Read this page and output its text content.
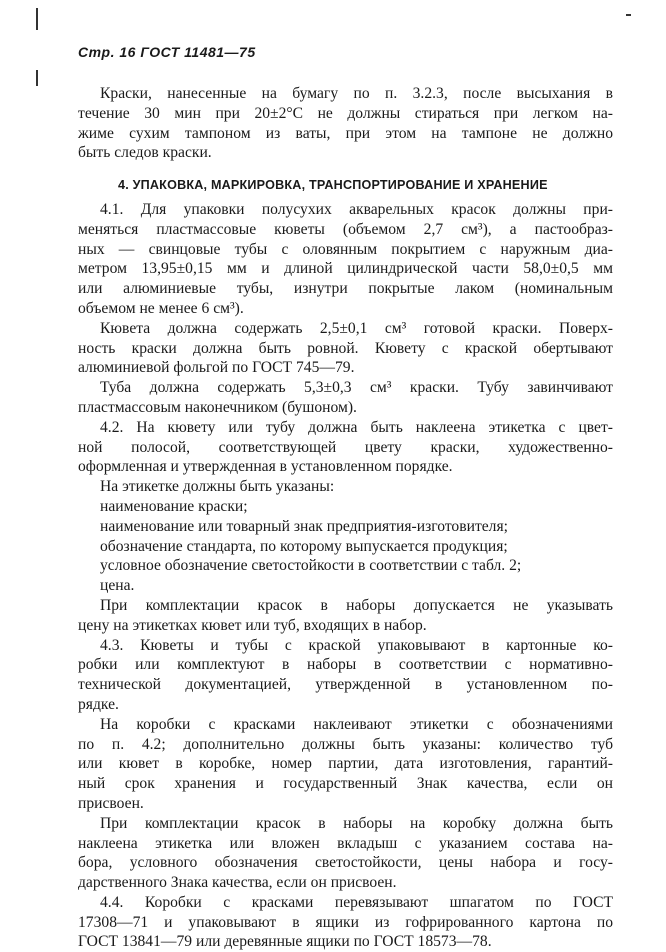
Стр. 16 ГОСТ 11481—75
Краски, нанесенные на бумагу по п. 3.2.3, после высыхания в
течение 30 мин при 20±2°С не должны стираться при легком на-
жиме сухим тампоном из ваты, при этом на тампоне не должно
быть следов краски.
4. УПАКОВКА, МАРКИРОВКА, ТРАНСПОРТИРОВАНИЕ И ХРАНЕНИЕ
4.1. Для упаковки полусухих акварельных красок должны при-
меняться пластмассовые кюветы (объемом 2,7 см³), а пастообраз-
ных — свинцовые тубы с оловянным покрытием с наружным диа-
метром 13,95±0,15 мм и длиной цилиндрической части 58,0±0,5 мм
или алюминиевые тубы, изнутри покрытые лаком (номинальным
объемом не менее 6 см³).
Кювета должна содержать 2,5±0,1 см³ готовой краски. Поверх-
ность краски должна быть ровной. Кювету с краской обертывают
алюминиевой фольгой по ГОСТ 745—79.
Туба должна содержать 5,3±0,3 см³ краски. Тубу завинчивают
пластмассовым наконечником (бушоном).
4.2. На кювету или тубу должна быть наклеена этикетка с цвет-
ной полосой, соответствующей цвету краски, художественно-
оформленная и утвержденная в установленном порядке.
На этикетке должны быть указаны:
наименование краски;
наименование или товарный знак предприятия-изготовителя;
обозначение стандарта, по которому выпускается продукция;
условное обозначение светостойкости в соответствии с табл. 2;
цена.
При комплектации красок в наборы допускается не указывать
цену на этикетках кювет или туб, входящих в набор.
4.3. Кюветы и тубы с краской упаковывают в картонные ко-
робки или комплектуют в наборы в соответствии с нормативно-
технической документацией, утвержденной в установленном по-
рядке.
На коробки с красками наклеивают этикетки с обозначениями
по п. 4.2; дополнительно должны быть указаны: количество туб
или кювет в коробке, номер партии, дата изготовления, гарантий-
ный срок хранения и государственный Знак качества, если он
присвоен.
При комплектации красок в наборы на коробку должна быть
наклеена этикетка или вложен вкладыш с указанием состава на-
бора, условного обозначения светостойкости, цены набора и госу-
дарственного Знака качества, если он присвоен.
4.4. Коробки с красками перевязывают шпагатом по ГОСТ
17308—71 и упаковывают в ящики из гофрированного картона по
ГОСТ 13841—79 или деревянные ящики по ГОСТ 18573—78.
